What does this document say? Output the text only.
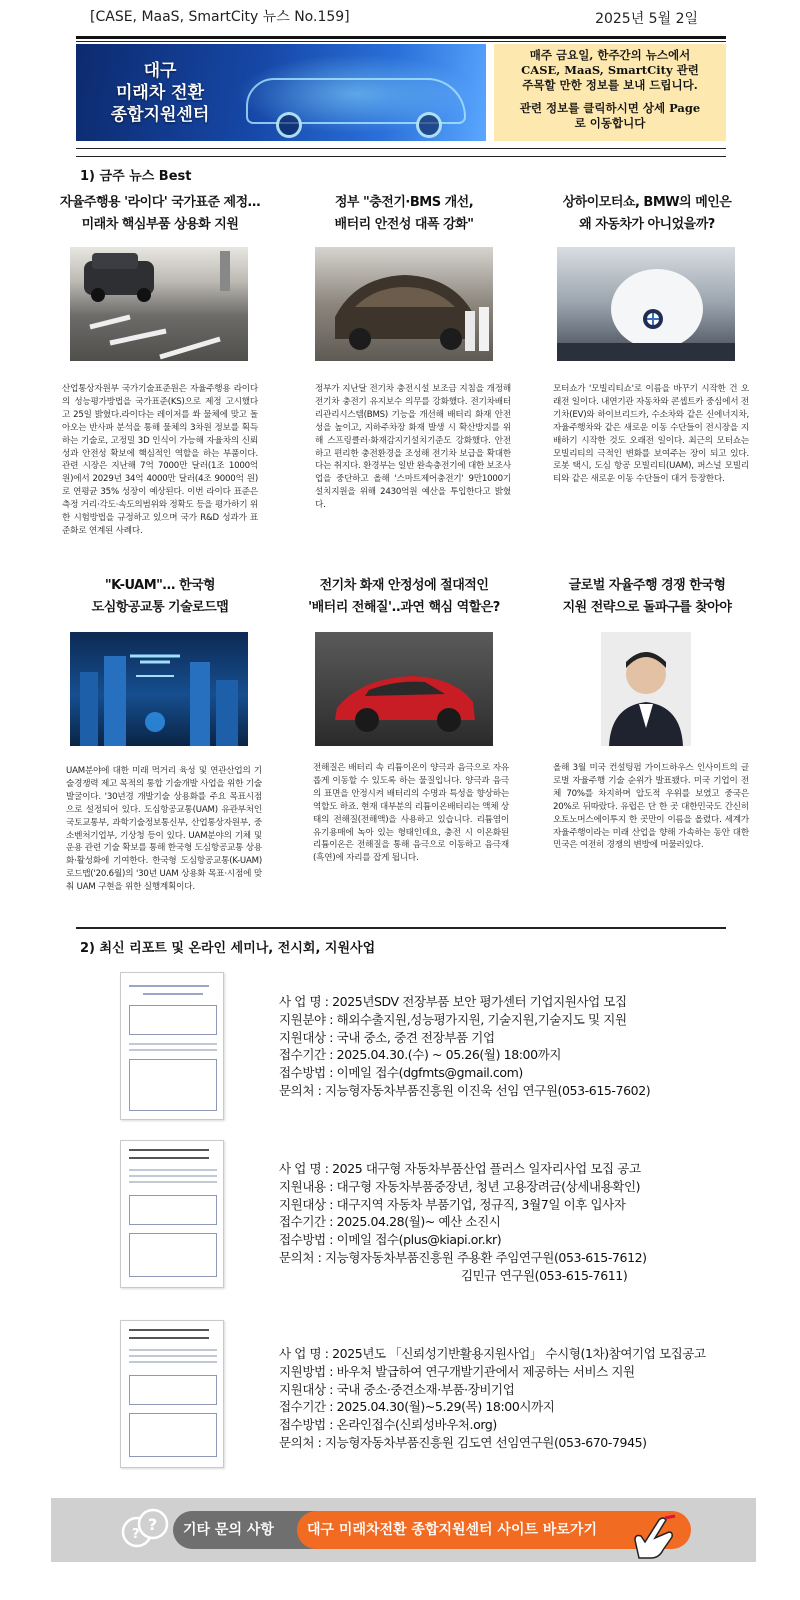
[CASE, MaaS, SmartCity 뉴스 No.159]	2025년 5월 2일
대구
미래차 전환
종합지원센터

매주 금요일, 한주간의 뉴스에서

CASE, MaaS, SmartCity 관련

주목할 만한 정보를 보내 드립니다.

관련 정보를 클릭하시면 상세 Page

로 이동합니다

1) 금주 뉴스 Best
자율주행용 '라이다' 국가표준 제정…
미래차 핵심부품 상용화 지원
산업통상자원부 국가기술표준원은 자율주행용 라이다의 성능평가방법을 국가표준(KS)으로 제정 고시했다고 25일 밝혔다.라이다는 레이저를 쏴 물체에 맞고 돌아오는 반사파 분석을 통해 물체의 3차원 정보를 획득하는 기술로, 고정밀 3D 인식이 가능해 자율차의 신뢰성과 안전성 확보에 핵심적인 역할을 하는 부품이다. 관련 시장은 지난해 7억 7000만 달러(1조 1000억 원)에서 2029년 34억 4000만 달러(4조 9000억 원)로 연평균 35% 성장이 예상된다. 이번 라이다 표준은 측정 거리·각도·속도의범위와 정확도 등을 평가하기 위한 시험방법을 규정하고 있으며 국가 R&D 성과가 표준화로 연계된 사례다.
정부 "충전기·BMS 개선,
배터리 안전성 대폭 강화"
정부가 지난달 전기차 충전시설 보조금 지침을 개정해 전기차 충전기 유지보수 의무를 강화했다. 전기차배터리관리시스템(BMS) 기능을 개선해 배터리 화재 안전성을 높이고, 지하주차장 화재 발생 시 확산방지를 위해 스프링클러·화재감지기설치기준도 강화했다. 안전하고 편리한 충전환경을 조성해 전기차 보급을 확대한다는 취지다. 환경부는 일반 완속충전기에 대한 보조사업을 중단하고 올해 '스마트제어충전기' 9만1000기 설치지원을 위해 2430억원 예산을 투입한다고 밝혔다.
상하이모터쇼, BMW의 메인은
왜 자동차가 아니었을까?
모터쇼가 '모빌리티쇼'로 이름을 바꾸기 시작한 건 오래전 일이다. 내연기관 자동차와 콘셉트카 중심에서 전기차(EV)와 하이브리드카, 수소차와 같은 신에너지차, 자율주행차와 같은 새로운 이동 수단들이 전시장을 지배하기 시작한 것도 오래전 일이다. 최근의 모터쇼는 모빌리티의 극적인 변화를 보여주는 장이 되고 있다. 로봇 택시, 도심 항공 모빌리티(UAM), 퍼스널 모빌리티와 같은 새로운 이동 수단들이 대거 등장한다.
"K-UAM"… 한국형
도심항공교통 기술로드맵
UAM분야에 대한 미래 먹거리 육성 및 연관산업의 기술경쟁력 제고 목적의 통합 기술개발 사업을 위한 기술 발굴이다. '30년경 개발기술 상용화를 주요 목표시점으로 설정되어 있다. 도심항공교통(UAM) 유관부처인 국토교통부, 과학기술정보통신부, 산업통상자원부, 중소벤처기업부, 기상청 등이 있다. UAM분야의 기체 및 운용 관련 기술 확보를 통해 한국형 도심항공교통 상용화·활성화에 기여한다. 한국형 도심항공교통(K-UAM) 로드맵('20.6월)의 '30년 UAM 상용화 목표·시점에 맞춰 UAM 구현을 위한 실행계획이다.
전기차 화재 안정성에 절대적인
'배터리 전해질'..과연 핵심 역할은?
전해질은 배터리 속 리튬이온이 양극과 음극으로 자유롭게 이동할 수 있도록 하는 물질입니다. 양극과 음극의 표면을 안정시켜 배터리의 수명과 특성을 향상하는 역할도 하죠. 현재 대부분의 리튬이온배터리는 액체 상태의 전해질(전해액)을 사용하고 있습니다. 리튬염이 유기용매에 녹아 있는 형태인데요, 충전 시 이온화된 리튬이온은 전해질을 통해 음극으로 이동하고 음극재(흑연)에 자리를 잡게 됩니다.
글로벌 자율주행 경쟁 한국형
지원 전략으로 돌파구를 찾아야
올해 3월 미국 컨설팅펌 가이드하우스 인사이트의 글로벌 자율주행 기술 순위가 발표됐다. 미국 기업이 전체 70%를 차지하며 압도적 우위를 보였고 중국은 20%로 뒤따랐다. 유럽은 단 한 곳 대한민국도 간신히 오토노머스에이투지 한 곳만이 이름을 올렸다. 세계가 자율주행이라는 미래 산업을 향해 가속하는 동안 대한민국은 여전히 경쟁의 변방에 머물러있다.
2) 최신 리포트 및 온라인 세미나, 전시회, 지원사업
사 업 명 : 2025년SDV 전장부품 보안 평가센터 기업지원사업 모집
지원분야 : 해외수출지원,성능평가지원, 기술지원,기술지도 및 지원
지원대상 : 국내 중소, 중견 전장부품 기업
접수기간 : 2025.04.30.(수) ~ 05.26(월) 18:00까지
접수방법 : 이메일 접수(dgfmts@gmail.com)
문의처 : 지능형자동차부품진흥원 이진욱 선임 연구원(053-615-7602)
사 업 명 : 2025 대구형 자동차부품산업 플러스 일자리사업 모집 공고
지원내용 : 대구형 자동차부품중장년, 청년 고용장려금(상세내용확인)
지원대상 : 대구지역 자동차 부품기업, 정규직, 3월7일 이후 입사자
접수기간 : 2025.04.28(월)~ 예산 소진시
접수방법 : 이메일 접수(plus@kiapi.or.kr)
문의처 : 지능형자동차부품진흥원 주용환 주임연구원(053-615-7612)
김민규 연구원(053-615-7611)
사 업 명 : 2025년도 「신뢰성기반활용지원사업」 수시형(1차)참여기업 모집공고
지원방법 : 바우처 발급하여 연구개발기관에서 제공하는 서비스 지원
지원대상 : 국내 중소·중견소재·부품·장비기업
접수기간 : 2025.04.30(월)~5.29(목) 18:00시까지
접수방법 : 온라인접수(신뢰성바우처.org)
문의처 : 지능형자동차부품진흥원 김도연 선임연구원(053-670-7945)
?
?	기타 문의 사항	대구 미래차전환 종합지원센터 사이트 바로가기
